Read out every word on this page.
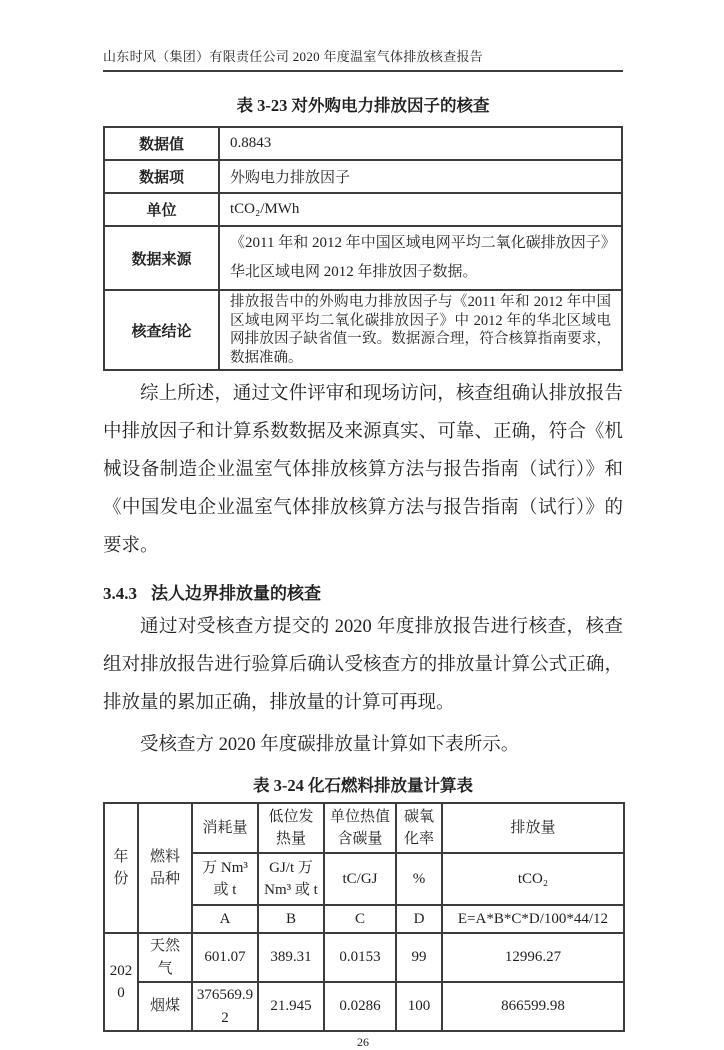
山东时风（集团）有限责任公司 2020 年度温室气体排放核查报告
表 3-23 对外购电力排放因子的核查
数据值	0.8843
数据项	外购电力排放因子
单位	tCO₂/MWh
数据来源	《2011 年和 2012 年中国区域电网平均二氧化碳排放因子》华北区域电网 2012 年排放因子数据。
核查结论	排放报告中的外购电力排放因子与《2011 年和 2012 年中国区域电网平均二氧化碳排放因子》中 2012 年的华北区域电网排放因子缺省值一致。数据源合理，符合核算指南要求，数据准确。

综上所述，通过文件评审和现场访问，核查组确认排放报告中排放因子和计算系数数据及来源真实、可靠、正确，符合《机械设备制造企业温室气体排放核算方法与报告指南（试行）》和《中国发电企业温室气体排放核算方法与报告指南（试行）》的要求。

3.4.3 法人边界排放量的核查

通过对受核查方提交的 2020 年度排放报告进行核查，核查组对排放报告进行验算后确认受核查方的排放量计算公式正确，排放量的累加正确，排放量的计算可再现。

受核查方 2020 年度碳排放量计算如下表所示。

表 3-24 化石燃料排放量计算表
年份	燃料品种	消耗量	低位发热量	单位热值含碳量	碳氧化率	排放量
		万 Nm³ 或 t	GJ/t 万 Nm³ 或 t	tC/GJ	%	tCO₂
		A	B	C	D	E=A*B*C*D/100*44/12
2020	天然气	601.07	389.31	0.0153	99	12996.27
	烟煤	376569.92	21.945	0.0286	100	866599.98
26
